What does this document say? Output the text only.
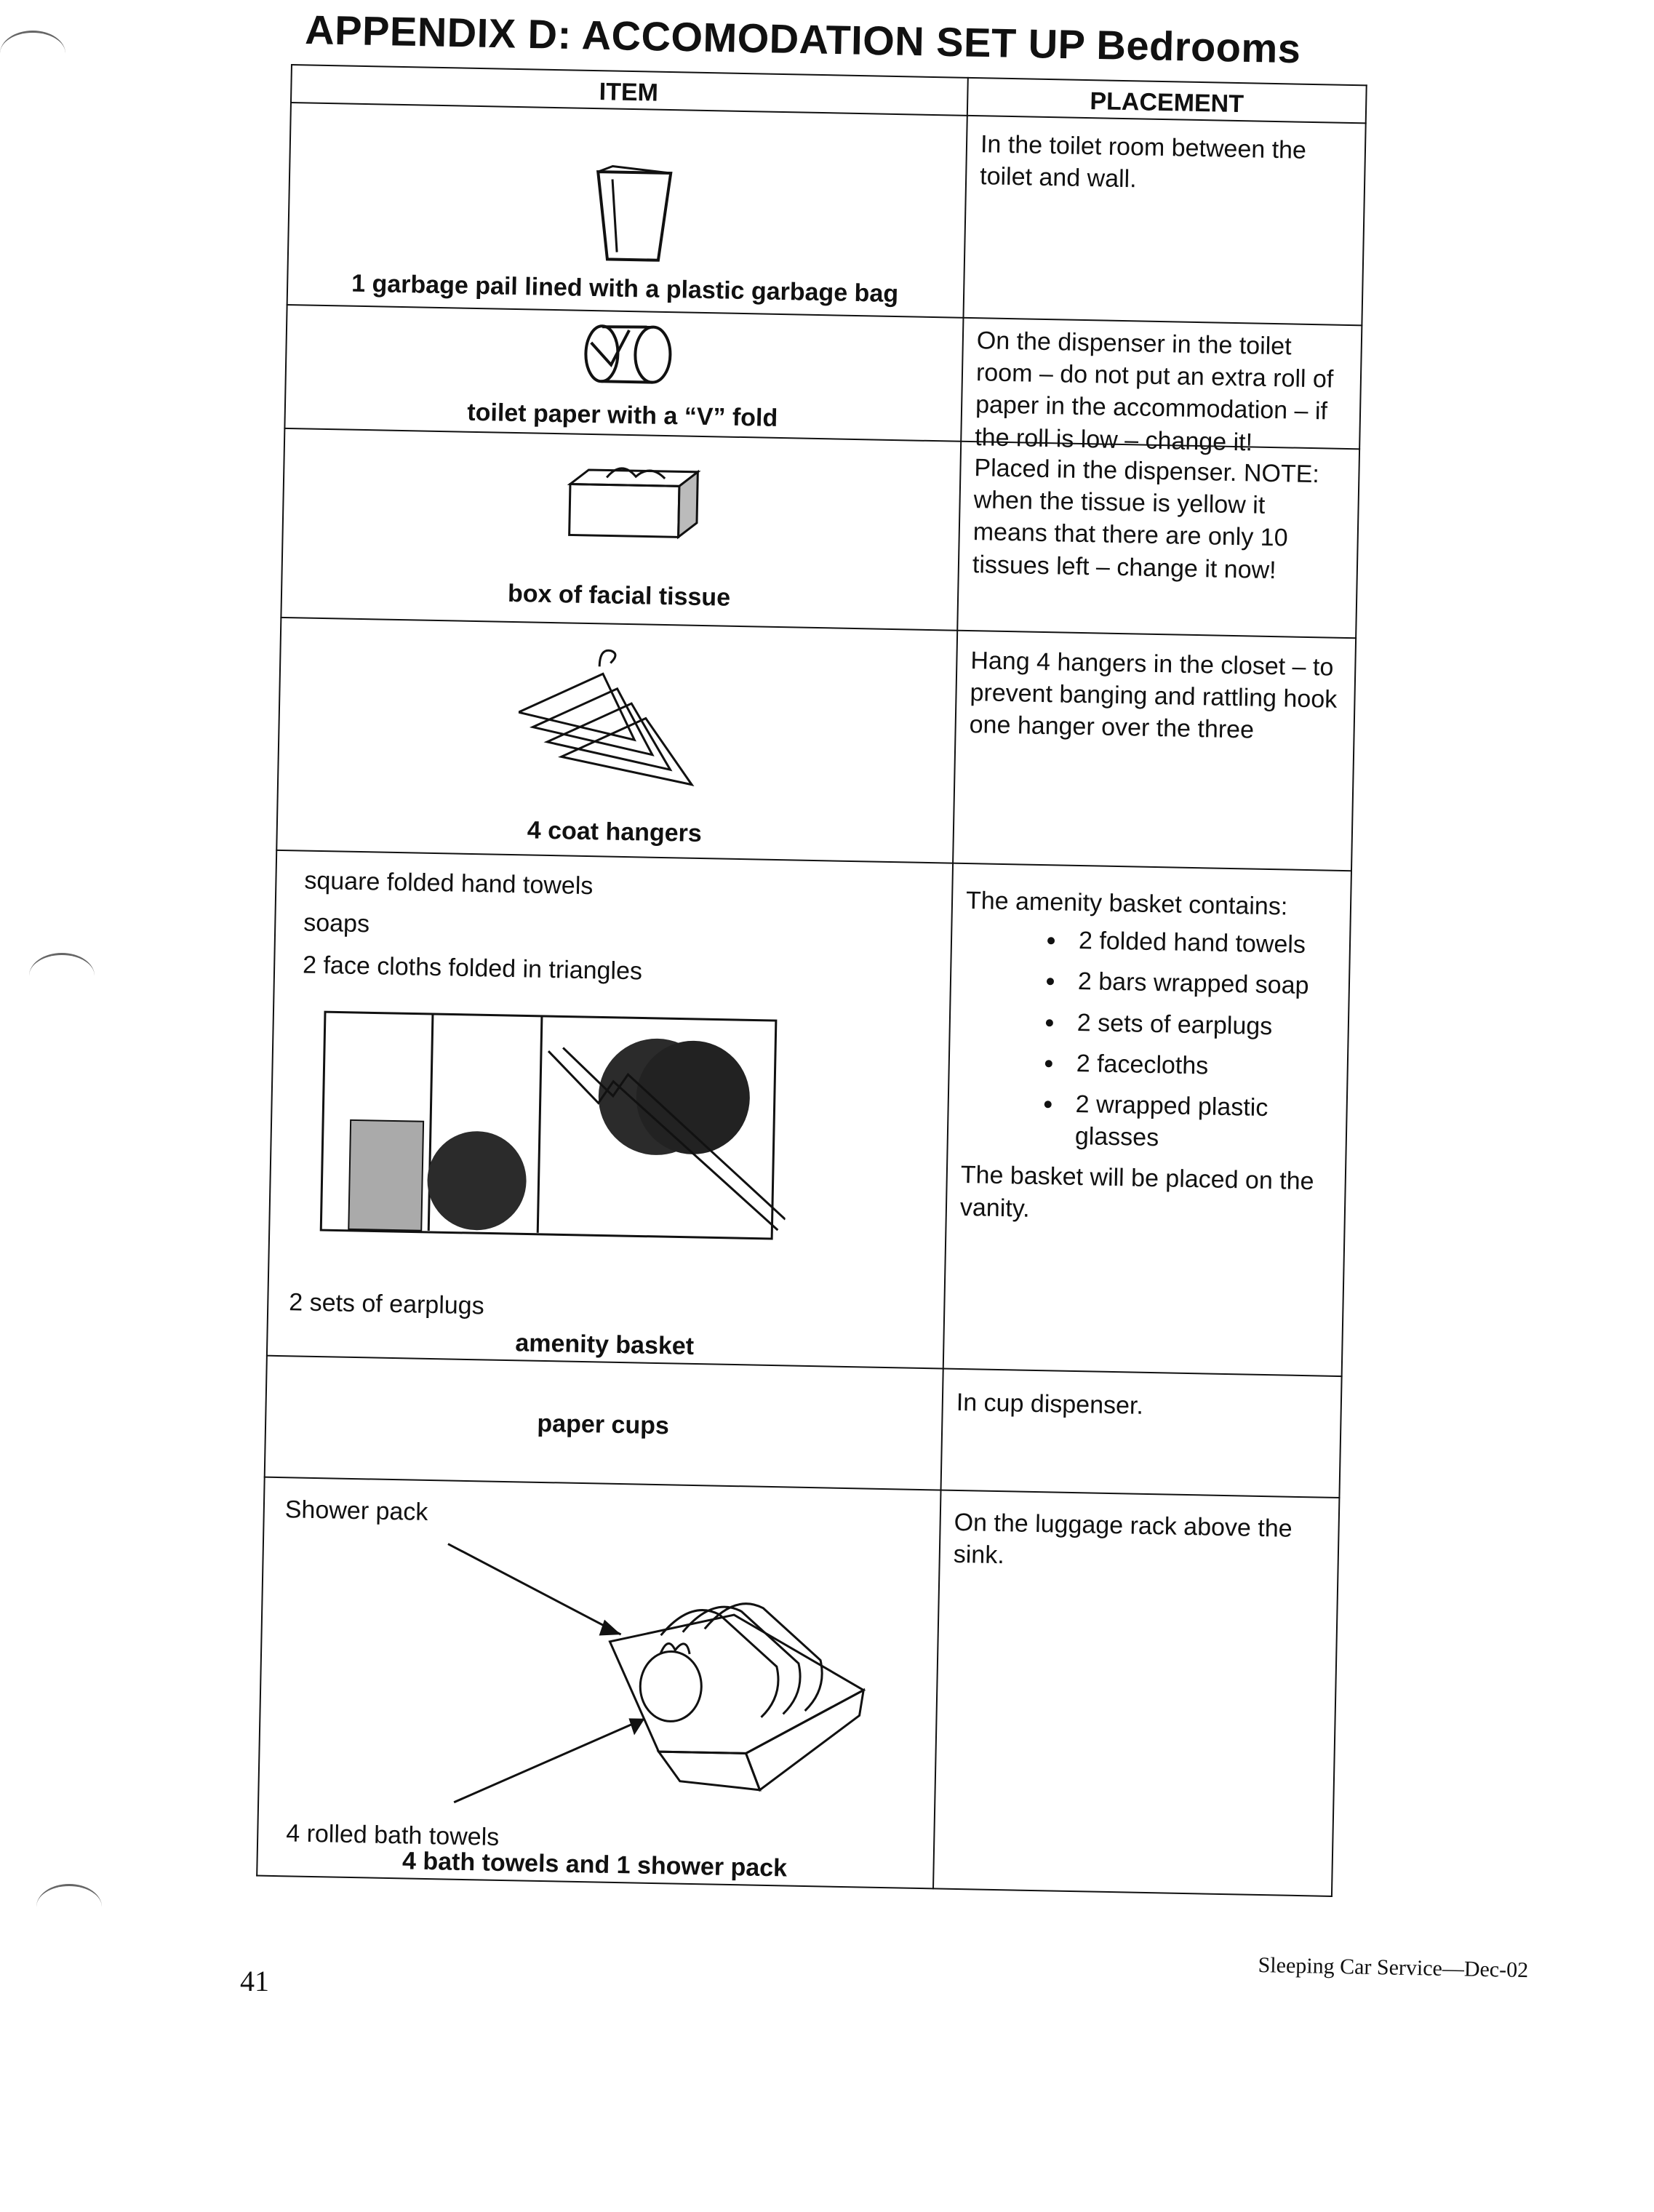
APPENDIX D: ACCOMODATION SET UP Bedrooms
ITEM	PLACEMENT
1 garbage pail lined with a plastic garbage bag
In the toilet room between the toilet and wall.
toilet paper with a “V” fold
On the dispenser in the toilet room – do not put an extra roll of paper in the accommodation – if the roll is low – change it!
box of facial tissue
Placed in the dispenser. NOTE: when the tissue is yellow it means that there are only 10 tissues left – change it now!
4 coat hangers
Hang 4 hangers in the closet – to prevent banging and rattling hook one hanger over the three
square folded hand towels
soaps
2 face cloths folded in triangles
2 sets of earplugs
amenity basket
The amenity basket contains:
• 2 folded hand towels
• 2 bars wrapped soap
• 2 sets of earplugs
• 2 facecloths
• 2 wrapped plastic glasses
The basket will be placed on the vanity.
paper cups
In cup dispenser.
Shower pack
4 rolled bath towels
4 bath towels and 1 shower pack
On the luggage rack above the sink.
41	Sleeping Car Service—Dec-02
